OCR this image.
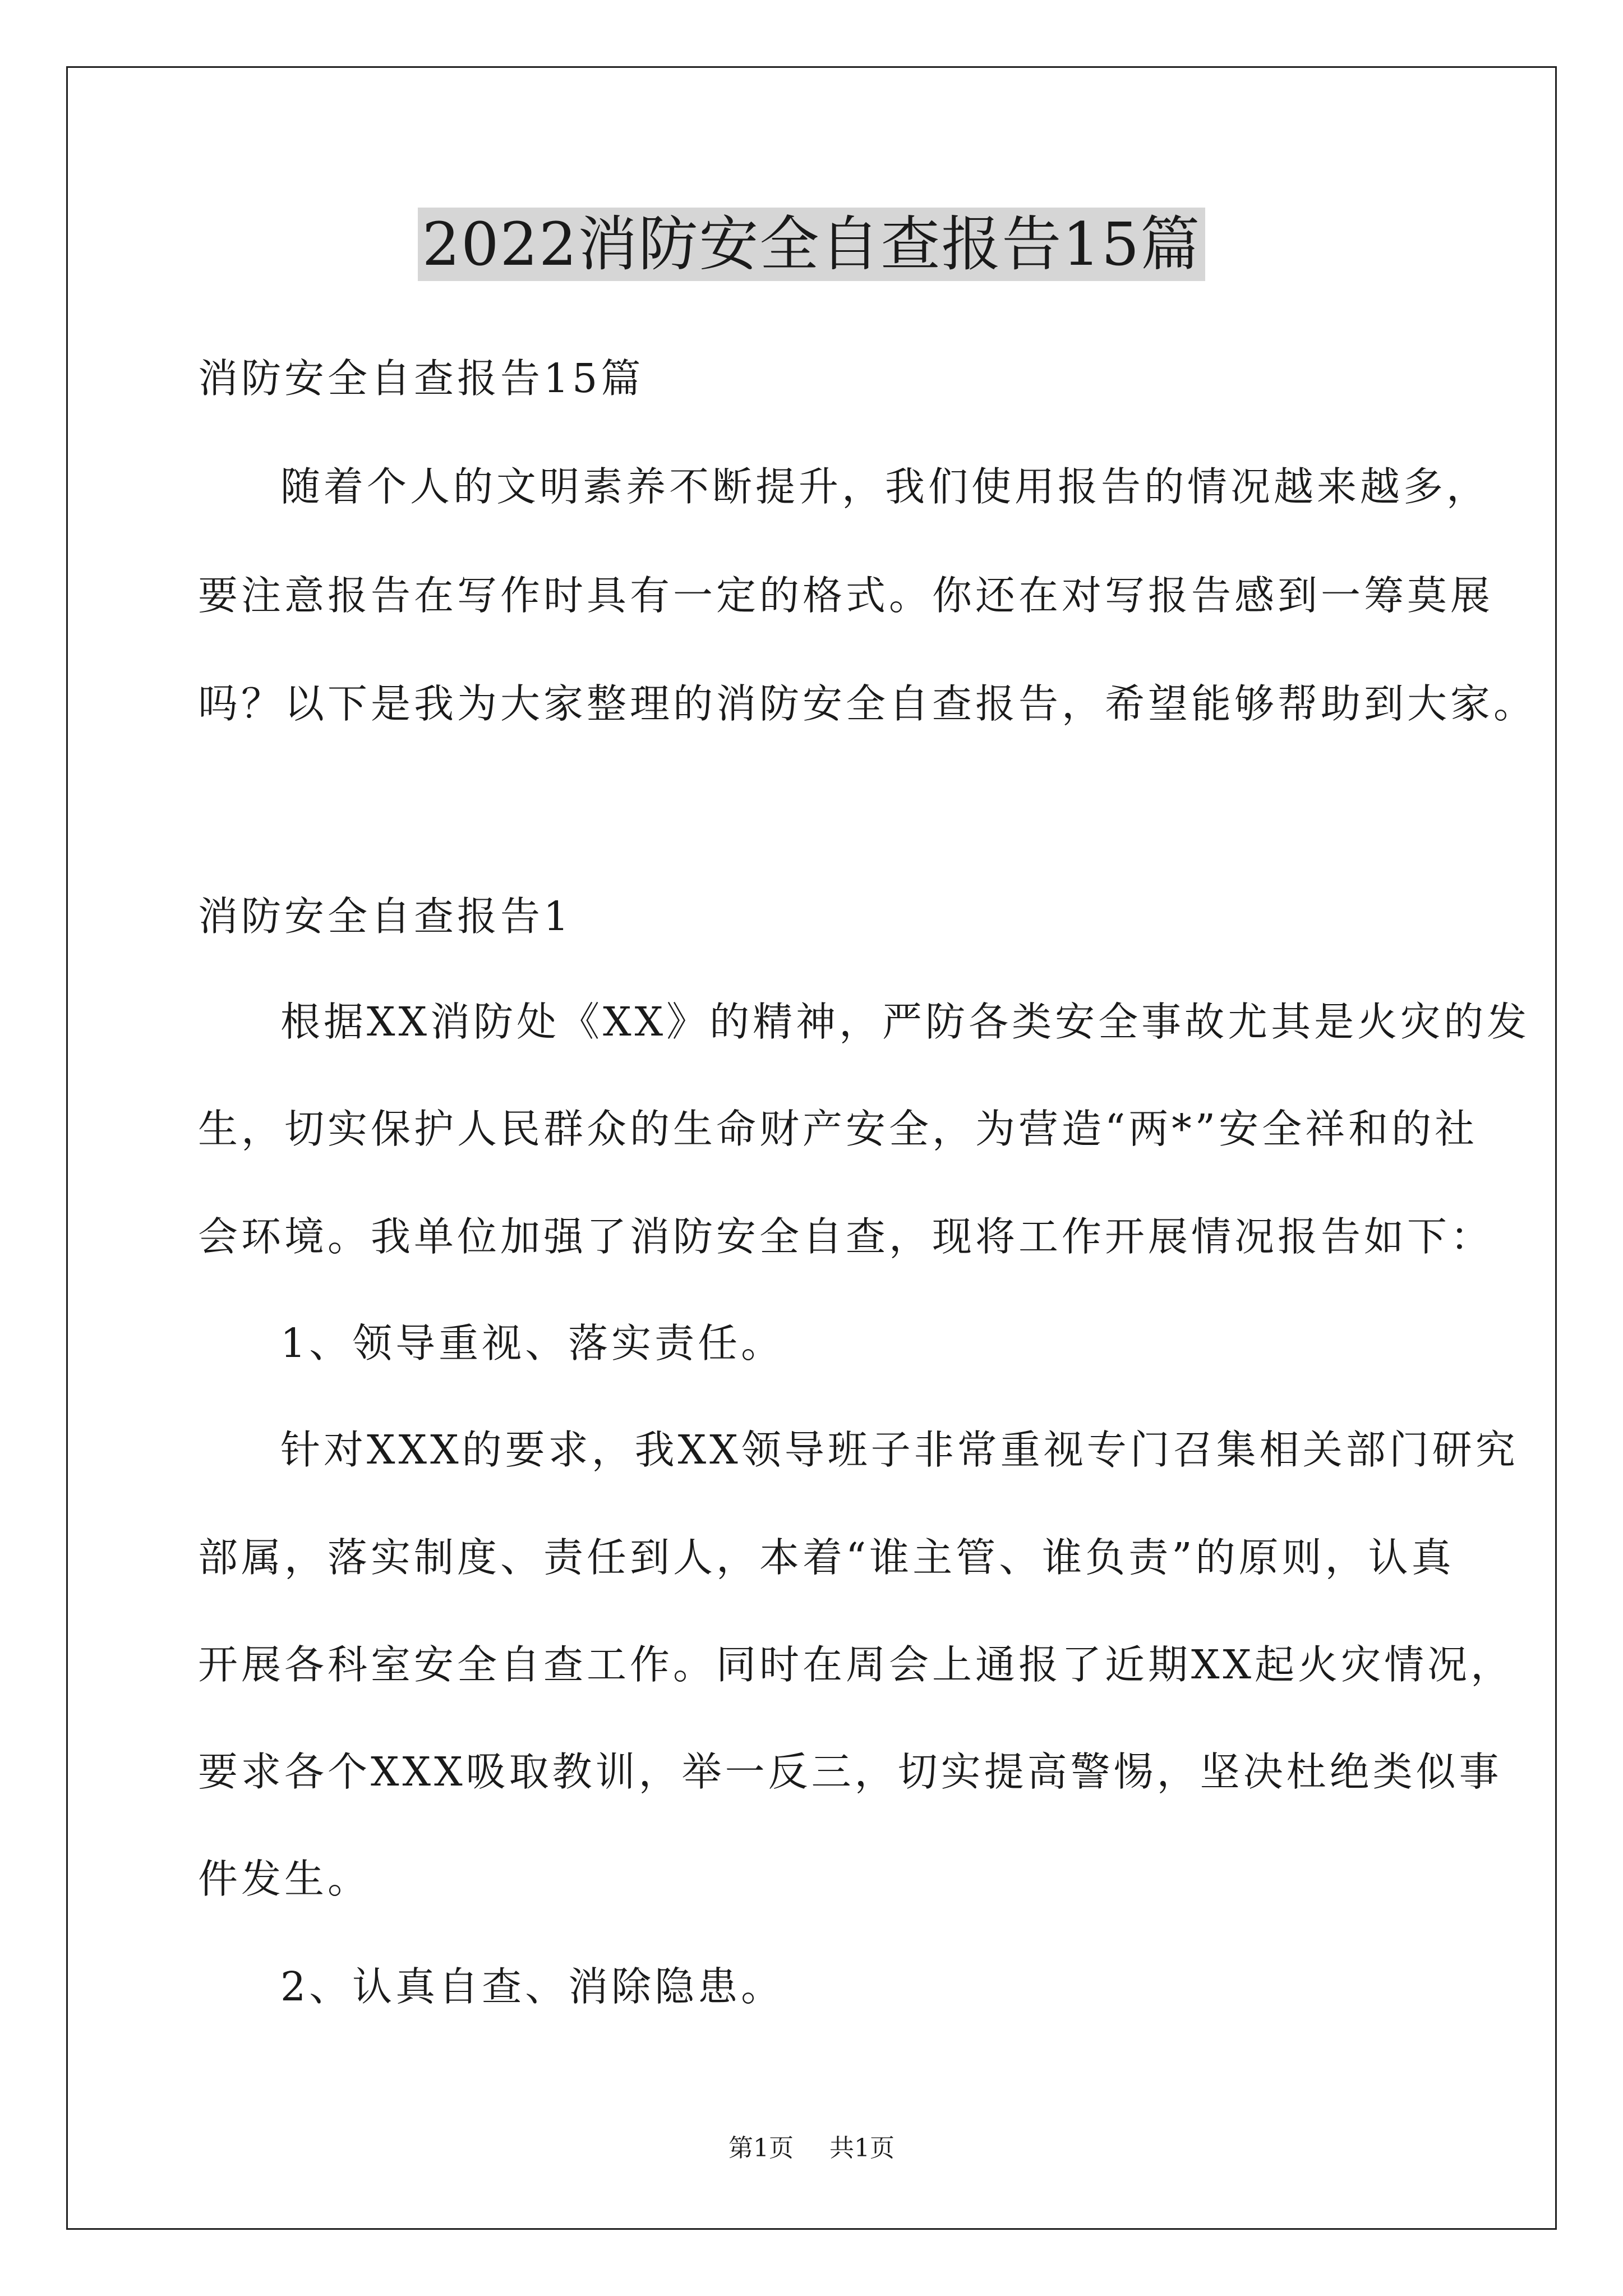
2022消防安全自查报告15篇
消防安全自查报告15篇
随着个人的文明素养不断提升，我们使用报告的情况越来越多，
要注意报告在写作时具有一定的格式。你还在对写报告感到一筹莫展
吗？以下是我为大家整理的消防安全自查报告，希望能够帮助到大家。
消防安全自查报告1
根据XX消防处《XX》的精神，严防各类安全事故尤其是火灾的发
生，切实保护人民群众的生命财产安全，为营造“两*”安全祥和的社
会环境。我单位加强了消防安全自查，现将工作开展情况报告如下：
1、领导重视、落实责任。
针对XXX的要求，我XX领导班子非常重视专门召集相关部门研究
部属，落实制度、责任到人，本着“谁主管、谁负责”的原则，认真
开展各科室安全自查工作。同时在周会上通报了近期XX起火灾情况，
要求各个XXX吸取教训，举一反三，切实提高警惕，坚决杜绝类似事
件发生。
2、认真自查、消除隐患。
第1页 共1页
